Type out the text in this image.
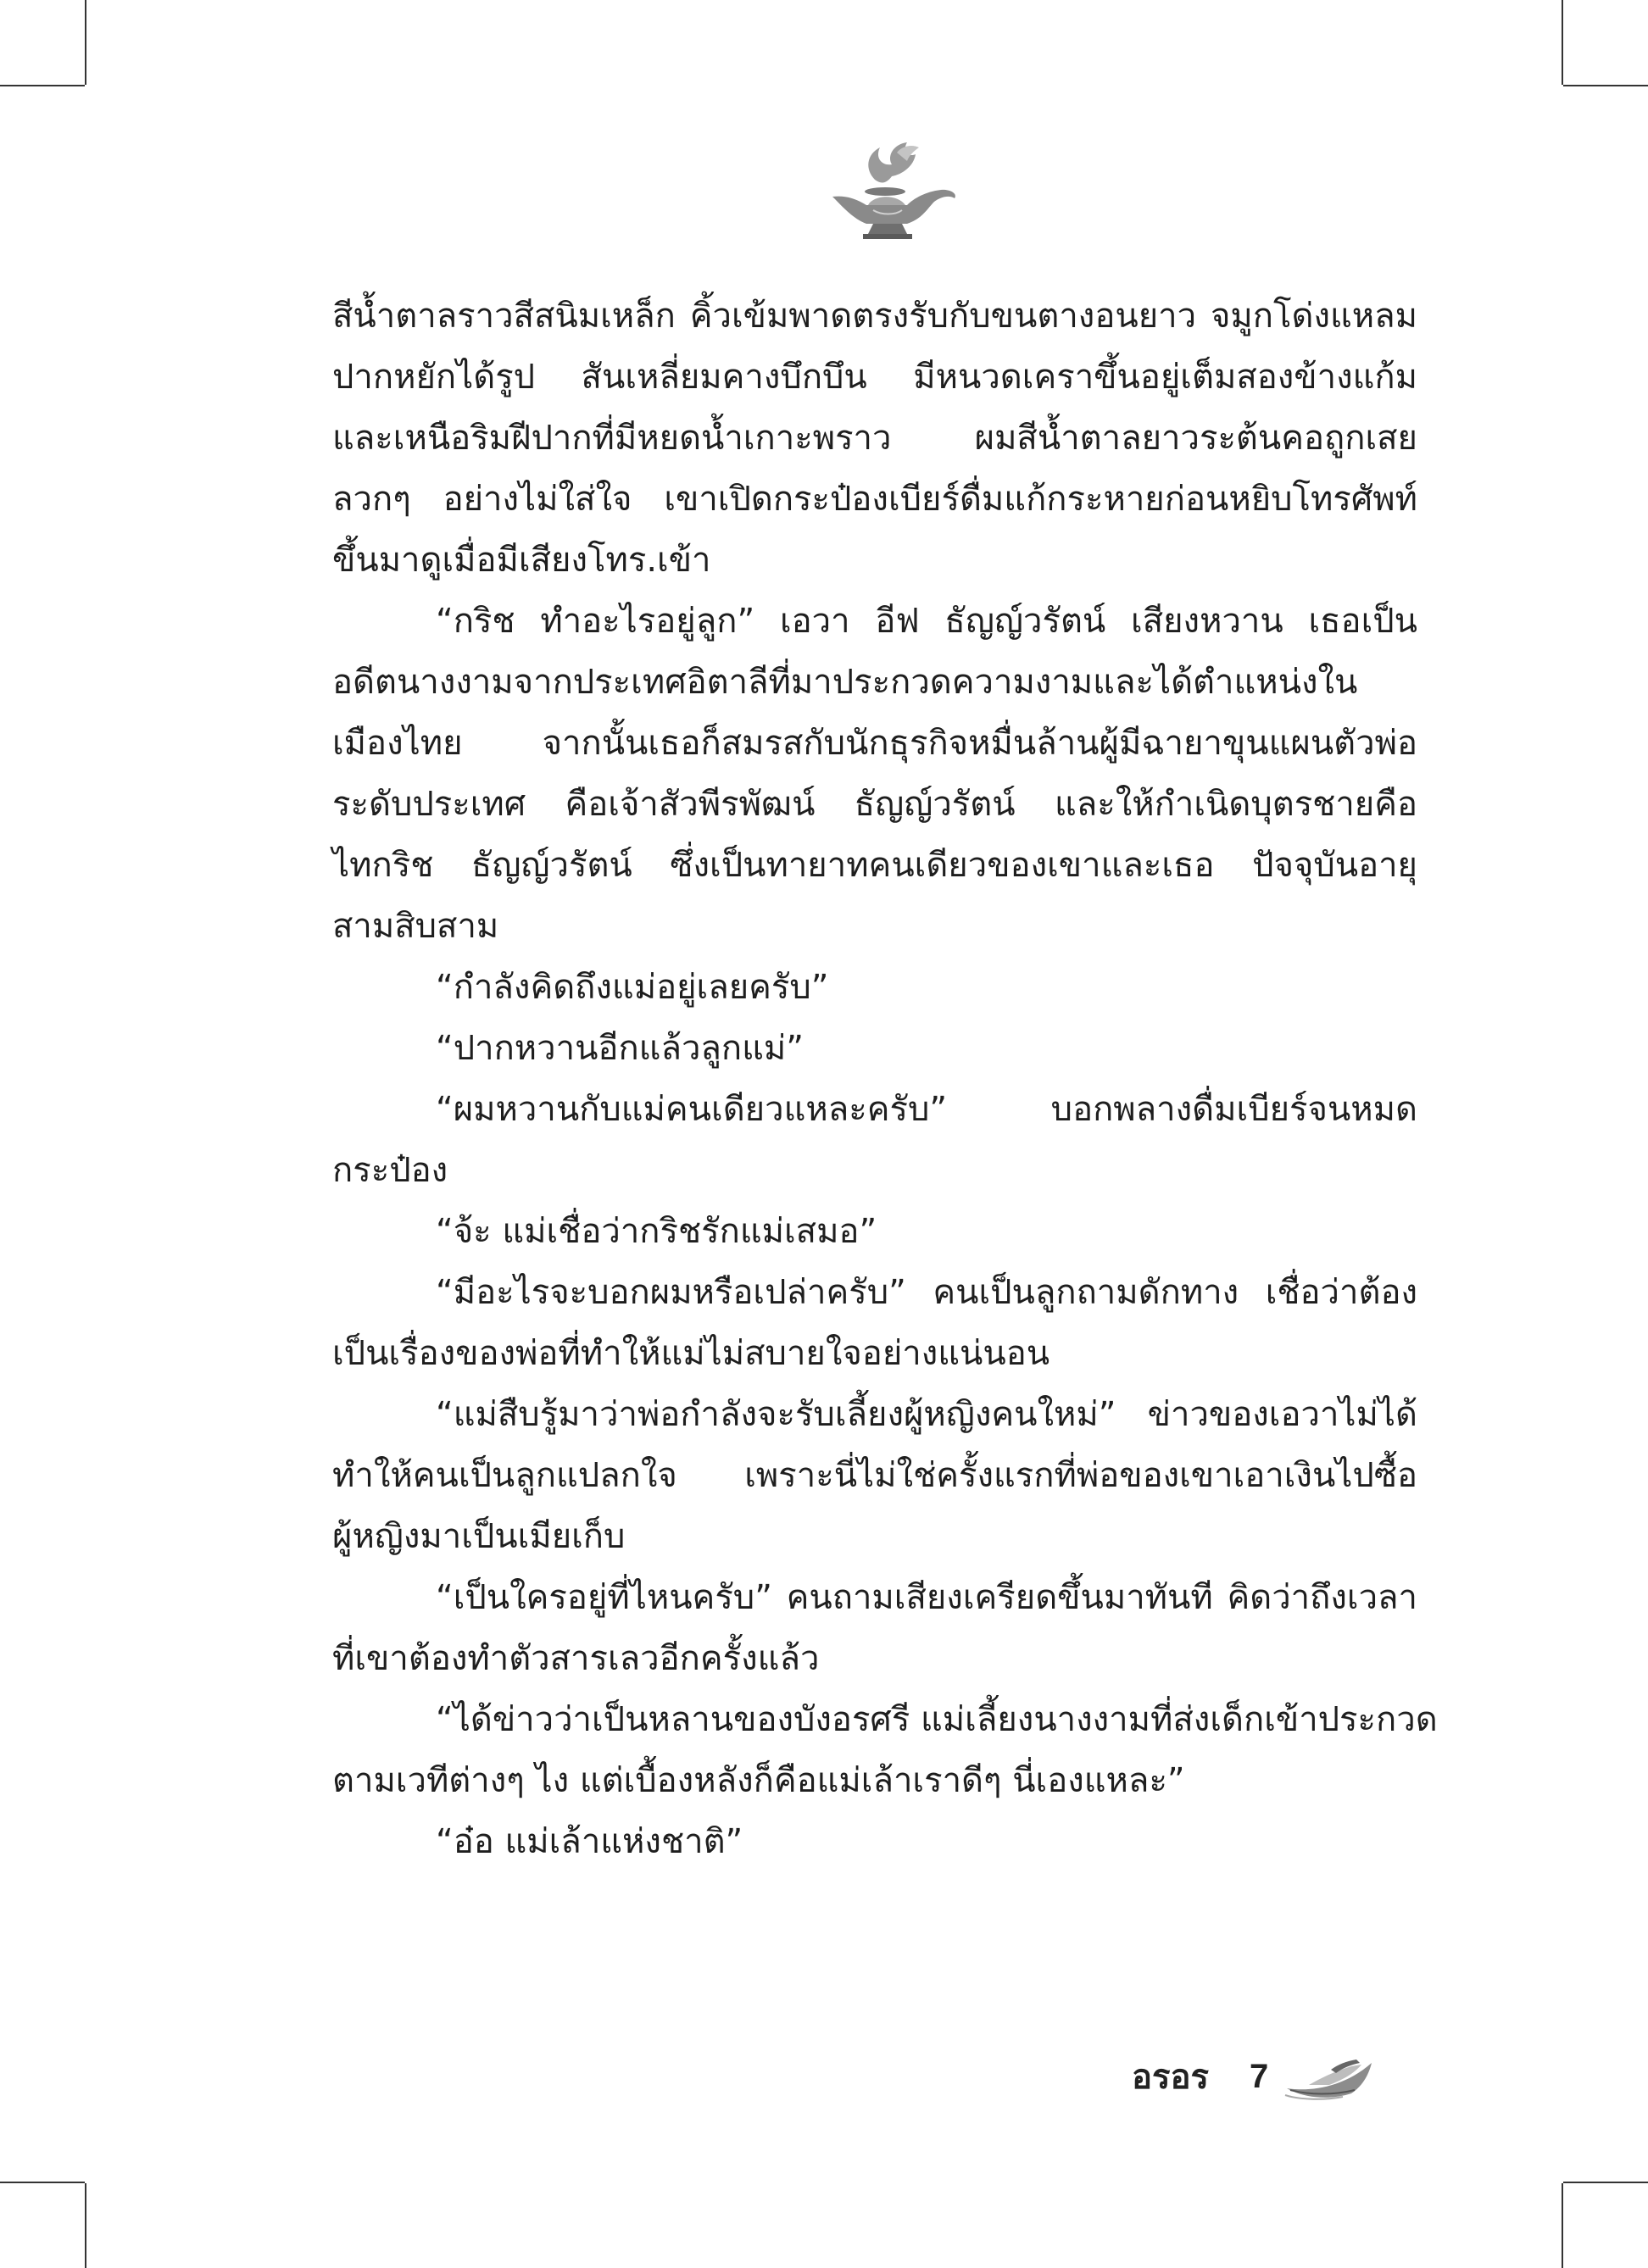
สีน้ำตาลราวสีสนิมเหล็ก คิ้วเข้มพาดตรงรับกับขนตางอนยาว จมูกโด่งแหลม
ปากหยักได้รูป สันเหลี่ยมคางบึกบึน มีหนวดเคราขึ้นอยู่เต็มสองข้างแก้ม
และเหนือริมฝีปากที่มีหยดน้ำเกาะพราว ผมสีน้ำตาลยาวระต้นคอถูกเสย
ลวกๆ อย่างไม่ใส่ใจ เขาเปิดกระป๋องเบียร์ดื่มแก้กระหายก่อนหยิบโทรศัพท์
ขึ้นมาดูเมื่อมีเสียงโทร.เข้า
“กริช ทำอะไรอยู่ลูก” เอวา อีฟ ธัญญ์วรัตน์ เสียงหวาน เธอเป็น
อดีตนางงามจากประเทศอิตาลีที่มาประกวดความงามและได้ตำแหน่งใน
เมืองไทย จากนั้นเธอก็สมรสกับนักธุรกิจหมื่นล้านผู้มีฉายาขุนแผนตัวพ่อ
ระดับประเทศ คือเจ้าสัวพีรพัฒน์ ธัญญ์วรัตน์ และให้กำเนิดบุตรชายคือ
ไทกริช ธัญญ์วรัตน์ ซึ่งเป็นทายาทคนเดียวของเขาและเธอ ปัจจุบันอายุ
สามสิบสาม
“กำลังคิดถึงแม่อยู่เลยครับ”
“ปากหวานอีกแล้วลูกแม่”
“ผมหวานกับแม่คนเดียวแหละครับ” บอกพลางดื่มเบียร์จนหมด
กระป๋อง
“จ้ะ แม่เชื่อว่ากริชรักแม่เสมอ”
“มีอะไรจะบอกผมหรือเปล่าครับ” คนเป็นลูกถามดักทาง เชื่อว่าต้อง
เป็นเรื่องของพ่อที่ทำให้แม่ไม่สบายใจอย่างแน่นอน
“แม่สืบรู้มาว่าพ่อกำลังจะรับเลี้ยงผู้หญิงคนใหม่” ข่าวของเอวาไม่ได้
ทำให้คนเป็นลูกแปลกใจ เพราะนี่ไม่ใช่ครั้งแรกที่พ่อของเขาเอาเงินไปซื้อ
ผู้หญิงมาเป็นเมียเก็บ
“เป็นใครอยู่ที่ไหนครับ” คนถามเสียงเครียดขึ้นมาทันที คิดว่าถึงเวลา
ที่เขาต้องทำตัวสารเลวอีกครั้งแล้ว
“ได้ข่าวว่าเป็นหลานของบังอรศรี แม่เลี้ยงนางงามที่ส่งเด็กเข้าประกวด
ตามเวทีต่างๆ ไง แต่เบื้องหลังก็คือแม่เล้าเราดีๆ นี่เองแหละ”
“อ๋อ แม่เล้าแห่งชาติ”
อรอร 7
